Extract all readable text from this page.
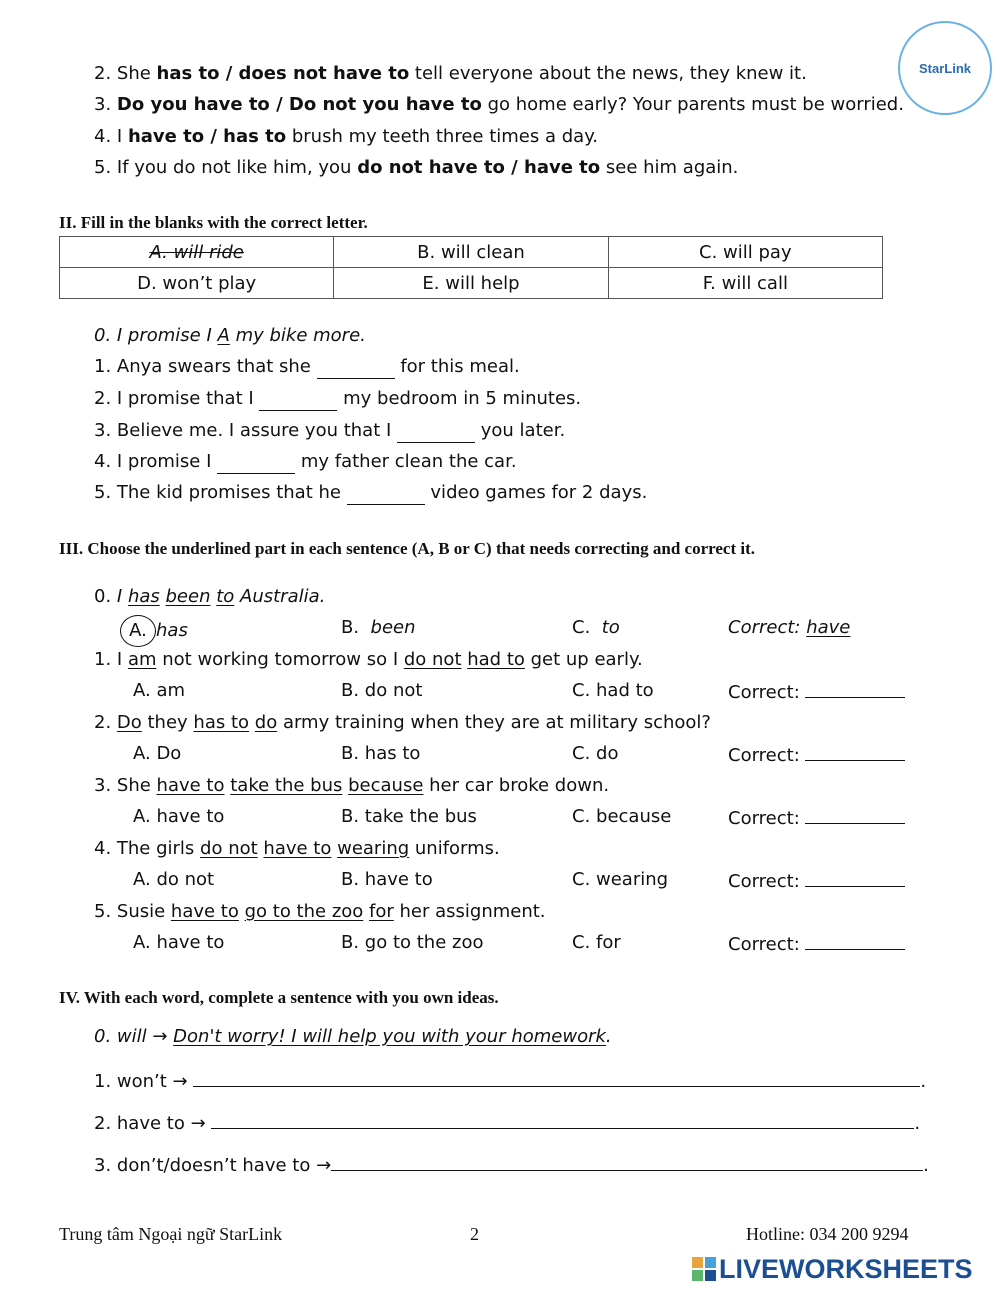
StarLink
2. She has to / does not have to tell everyone about the news, they knew it.
3. Do you have to / Do not you have to go home early? Your parents must be worried.
4. I have to / has to brush my teeth three times a day.
5. If you do not like him, you do not have to / have to see him again.
II. Fill in the blanks with the correct letter.
A. will ride	B. will clean	C. will pay
D. won’t play	E. will help	F. will call
0. I promise I A my bike more.
1. Anya swears that she	for this meal.
2. I promise that I	my bedroom in 5 minutes.
3. Believe me. I assure you that I	you later.
4. I promise I	my father clean the car.
5. The kid promises that he	video games for 2 days.
III. Choose the underlined part in each sentence (A, B or C) that needs correcting and correct it.
0. I has been to Australia.
A. has	B. been	C. to	Correct: have
1. I am not working tomorrow so I do not had to get up early.
A. am	B. do not	C. had to	Correct:
2. Do they has to do army training when they are at military school?
A. Do	B. has to	C. do	Correct:
3. She have to take the bus because her car broke down.
A. have to	B. take the bus	C. because	Correct:
4. The girls do not have to wearing uniforms.
A. do not	B. have to	C. wearing	Correct:
5. Susie have to go to the zoo for her assignment.
A. have to	B. go to the zoo	C. for	Correct:
IV. With each word, complete a sentence with you own ideas.
0. will → Don't worry! I will help you with your homework.
1. won’t →	.
2. have to →	.
3. don’t/doesn’t have to →	.
Trung tâm Ngoại ngữ StarLink	2	Hotline: 034 200 9294
LIVEWORKSHEETS
